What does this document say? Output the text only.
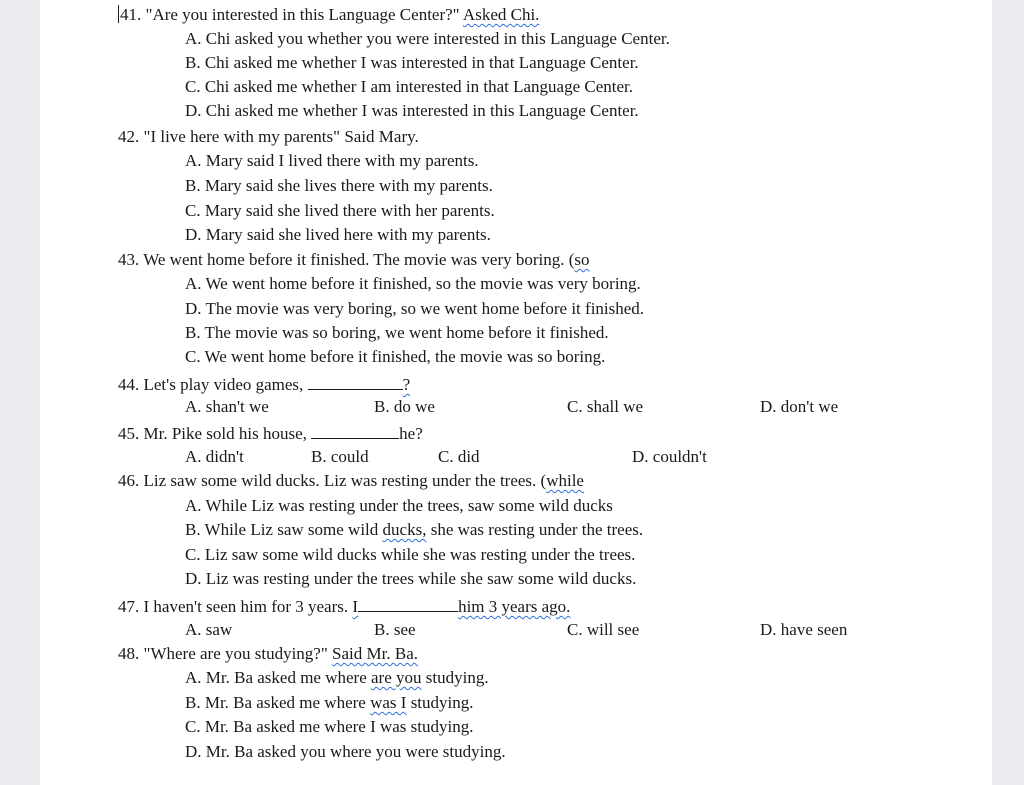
41. "Are you interested in this Language Center?" Asked Chi.
A. Chi asked you whether you were interested in this Language Center.
B. Chi asked me whether I was interested in that Language Center.
C. Chi asked me whether I am interested in that Language Center.
D. Chi asked me whether I was interested in this Language Center.
42. "I live here with my parents" Said Mary.
A. Mary said I lived there with my parents.
B. Mary said she lives there with my parents.
C. Mary said she lived there with her parents.
D. Mary said she lived here with my parents.
43. We went home before it finished. The movie was very boring. (so
A. We went home before it finished, so the movie was very boring.
D. The movie was very boring, so we went home before it finished.
B. The movie was so boring, we went home before it finished.
C. We went home before it finished, the movie was so boring.
44. Let's play video games,	?
A. shan't we	B. do we	C. shall we	D. don't we
45. Mr. Pike sold his house,	he?
A. didn't	B. could	C. did	D. couldn't
46. Liz saw some wild ducks. Liz was resting under the trees. (while
A. While Liz was resting under the trees, saw some wild ducks
B. While Liz saw some wild ducks, she was resting under the trees.
C. Liz saw some wild ducks while she was resting under the trees.
D. Liz was resting under the trees while she saw some wild ducks.
47. I haven't seen him for 3 years. I	him 3 years ago.
A. saw	B. see	C. will see	D. have seen
48. "Where are you studying?" Said Mr. Ba.
A. Mr. Ba asked me where are you studying.
B. Mr. Ba asked me where was I studying.
C. Mr. Ba asked me where I was studying.
D. Mr. Ba asked you where you were studying.
